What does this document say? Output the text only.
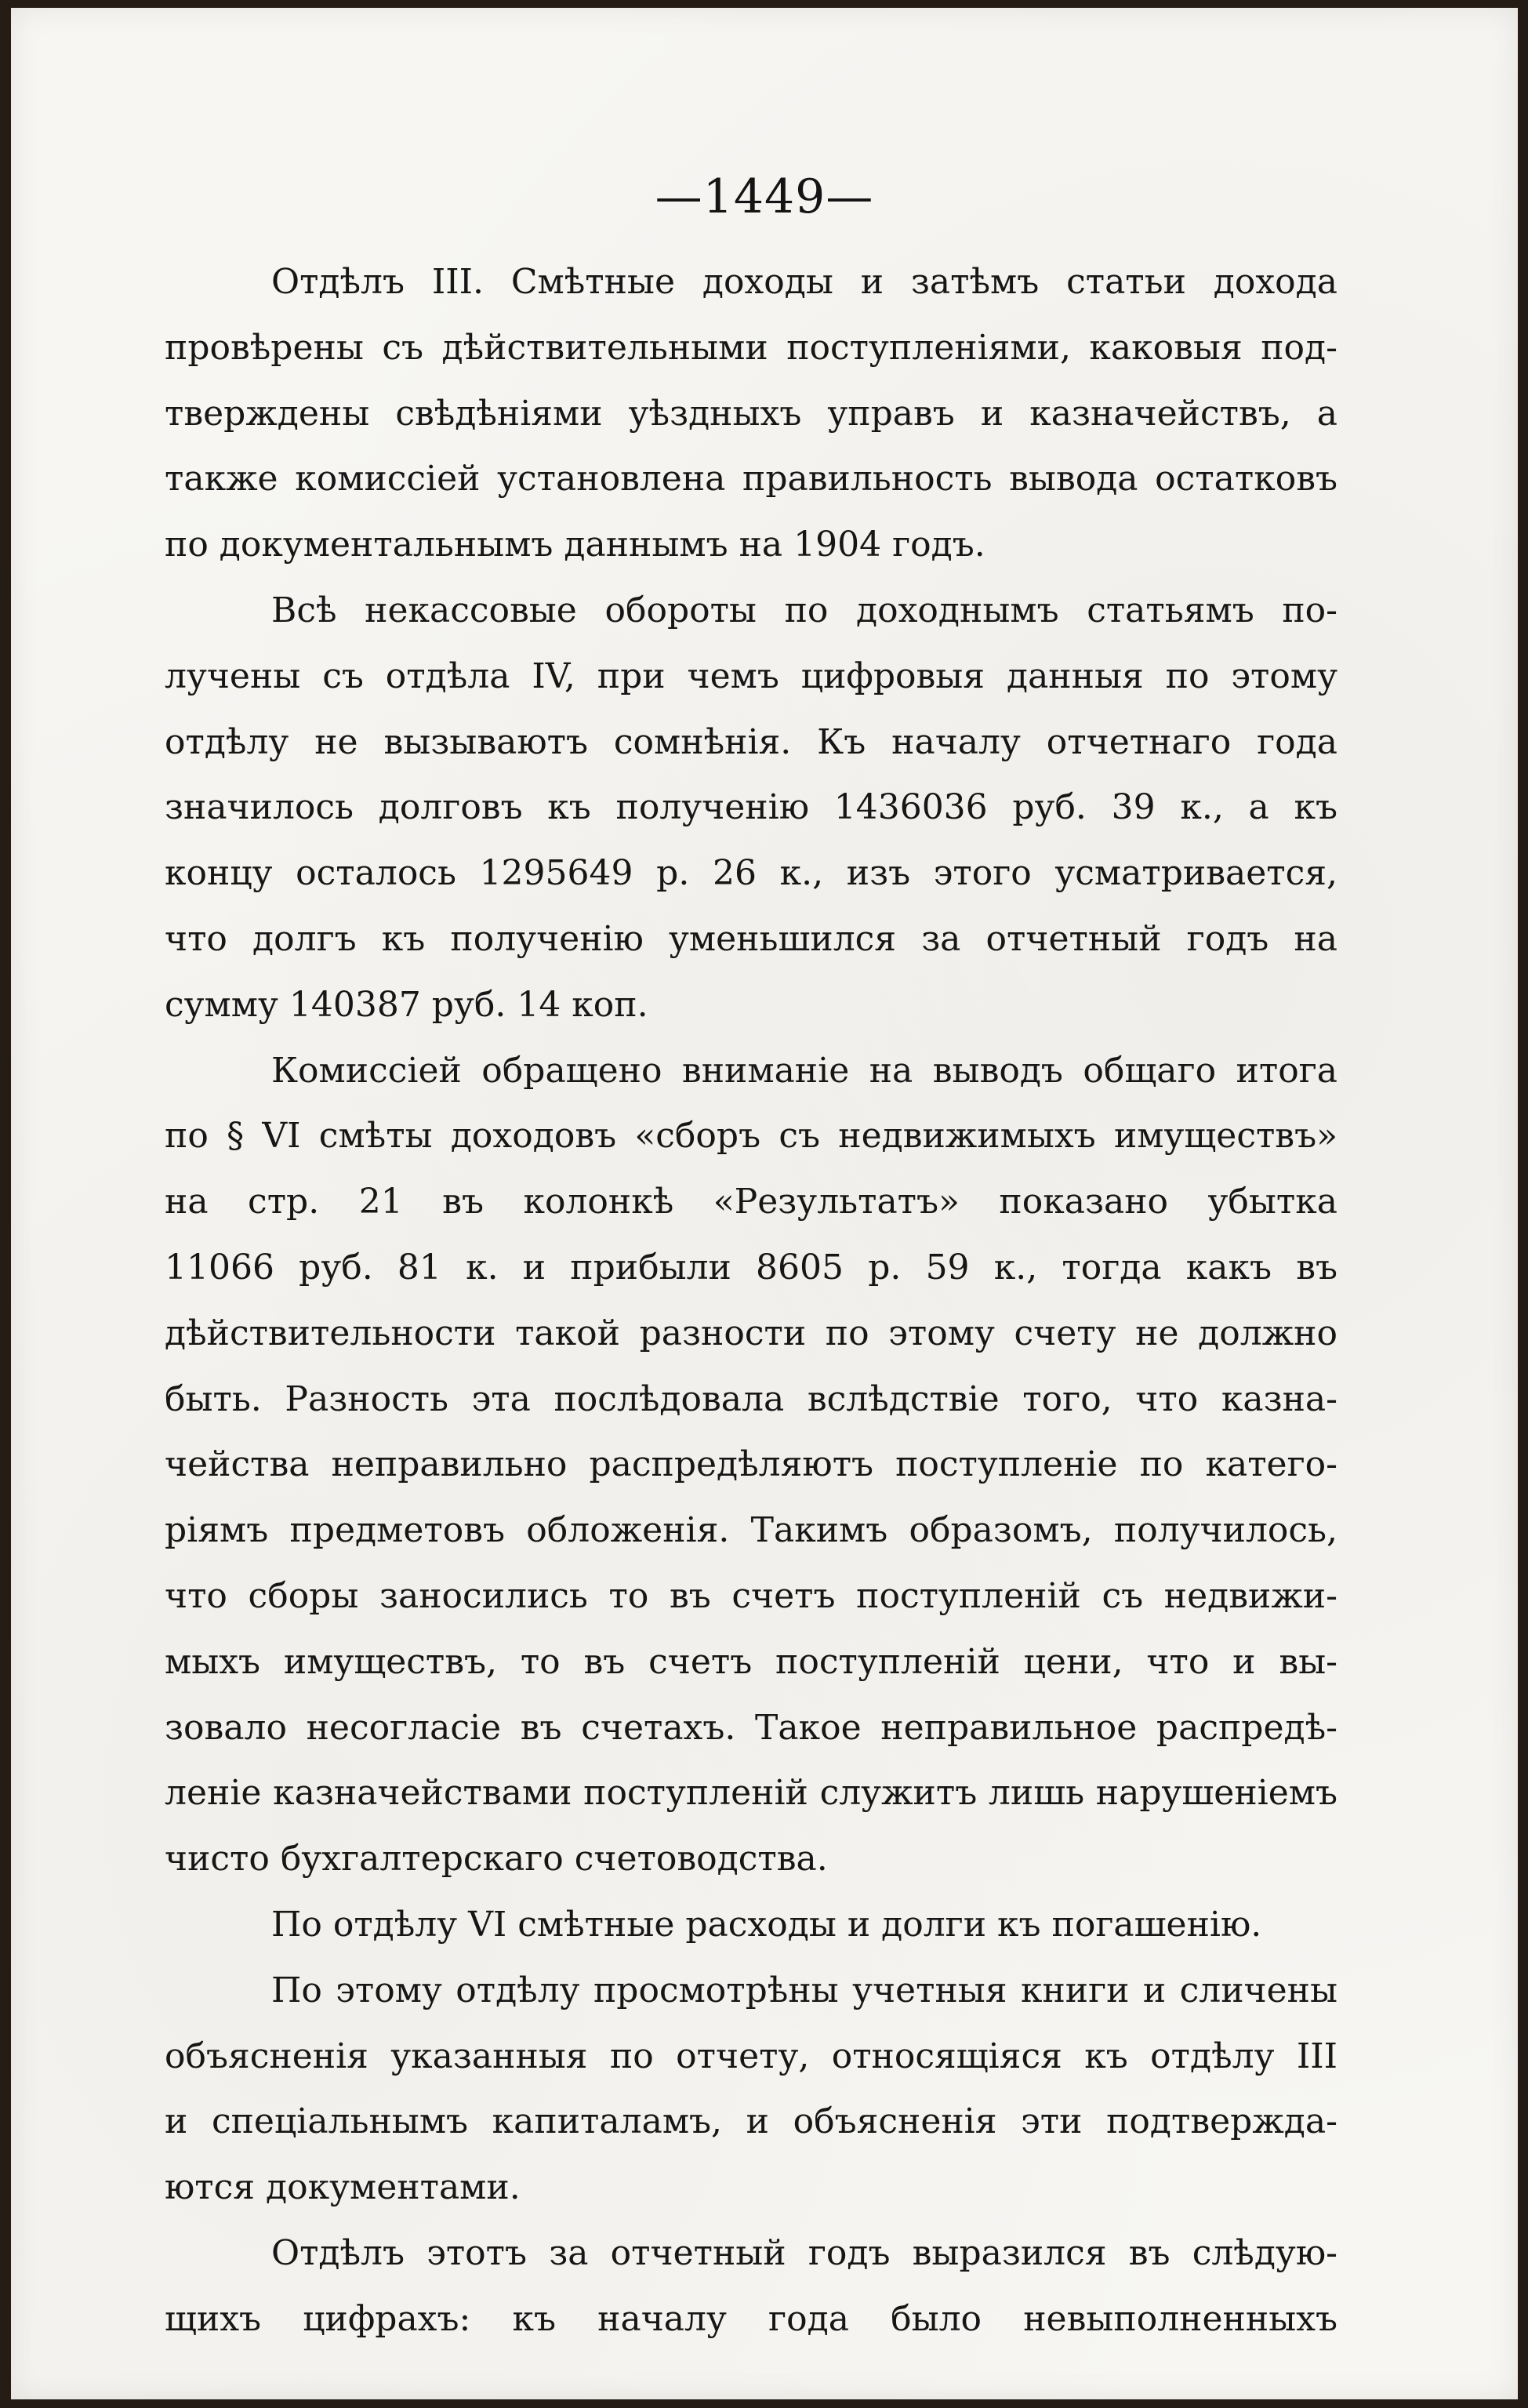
—1449—
Отдѣлъ III. Смѣтные доходы и затѣмъ статьи дохода
провѣрены съ дѣйствительными поступленіями, каковыя под-
тверждены свѣдѣніями уѣздныхъ управъ и казначействъ, а
также комиссіей установлена правильность вывода остатковъ
по документальнымъ даннымъ на 1904 годъ.
Всѣ некассовые обороты по доходнымъ статьямъ по-
лучены съ отдѣла IV, при чемъ цифровыя данныя по этому
отдѣлу не вызываютъ сомнѣнія. Къ началу отчетнаго года
значилось долговъ къ полученію 1436036 руб. 39 к., а къ
концу осталось 1295649 р. 26 к., изъ этого усматривается,
что долгъ къ полученію уменьшился за отчетный годъ на
сумму 140387 руб. 14 коп.
Комиссіей обращено вниманіе на выводъ общаго итога
по § VI смѣты доходовъ «сборъ съ недвижимыхъ имуществъ»
на стр. 21 въ колонкѣ «Результатъ» показано убытка
11066 руб. 81 к. и прибыли 8605 р. 59 к., тогда какъ въ
дѣйствительности такой разности по этому счету не должно
быть. Разность эта послѣдовала вслѣдствіе того, что казна-
чейства неправильно распредѣляютъ поступленіе по катего-
ріямъ предметовъ обложенія. Такимъ образомъ, получилось,
что сборы заносились то въ счетъ поступленій съ недвижи-
мыхъ имуществъ, то въ счетъ поступленій цени, что и вы-
зовало несогласіе въ счетахъ. Такое неправильное распредѣ-
леніе казначействами поступленій служитъ лишь нарушеніемъ
чисто бухгалтерскаго счетоводства.
По отдѣлу VI смѣтные расходы и долги къ погашенію.
По этому отдѣлу просмотрѣны учетныя книги и сличены
объясненія указанныя по отчету, относящіяся къ отдѣлу III
и спеціальнымъ капиталамъ, и объясненія эти подтвержда-
ются документами.
Отдѣлъ этотъ за отчетный годъ выразился въ слѣдую-
щихъ цифрахъ: къ началу года было невыполненныхъ
